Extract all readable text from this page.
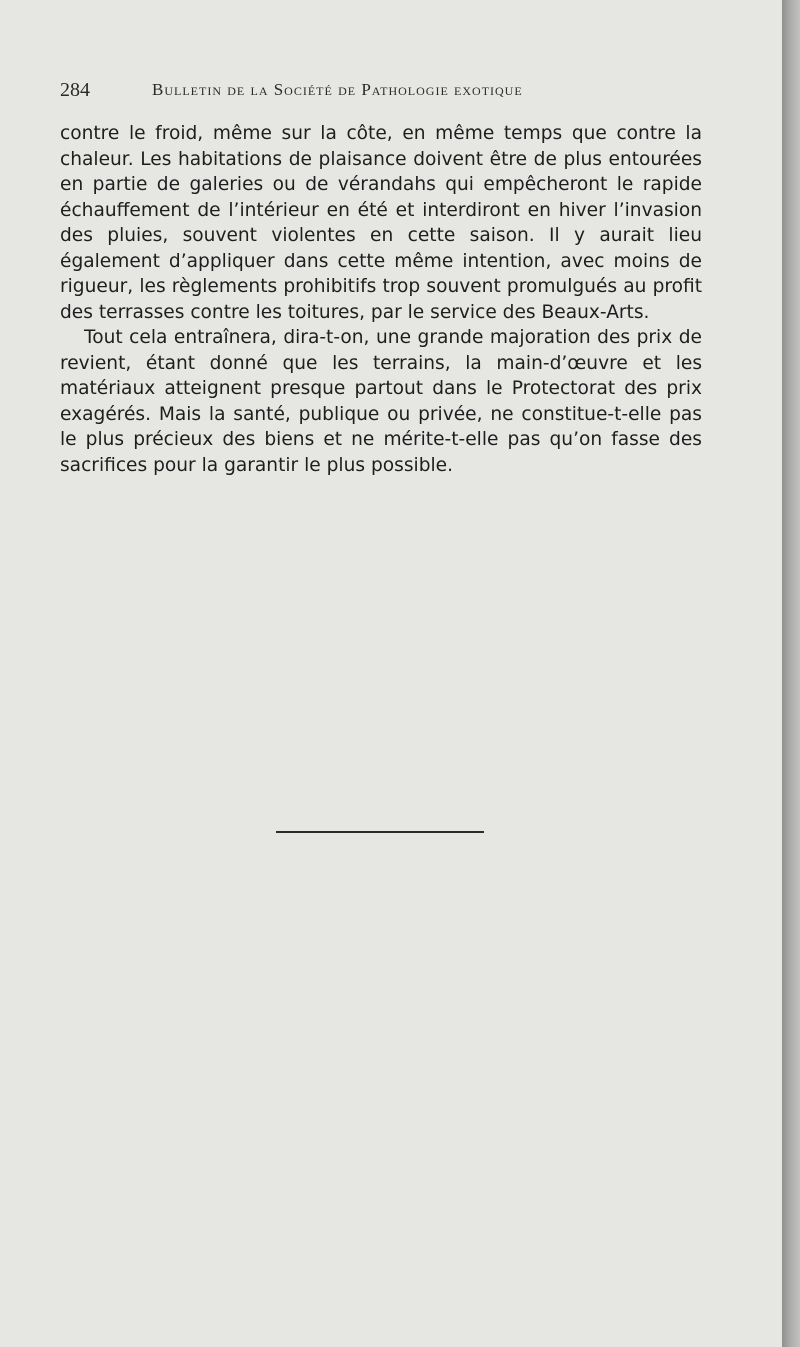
284	Bulletin de la Société de Pathologie exotique

contre le froid, même sur la côte, en même temps que contre la chaleur. Les habitations de plaisance doivent être de plus entourées en partie de galeries ou de vérandahs qui empêcheront le rapide échauffement de l’intérieur en été et interdiront en hiver l’invasion des pluies, souvent violentes en cette saison. Il y aurait lieu également d’appliquer dans cette même intention, avec moins de rigueur, les règlements prohibitifs trop souvent promulgués au profit des terrasses contre les toitures, par le service des Beaux-Arts.

Tout cela entraînera, dira-t-on, une grande majoration des prix de revient, étant donné que les terrains, la main-d’œuvre et les matériaux atteignent presque partout dans le Protectorat des prix exagérés. Mais la santé, publique ou privée, ne constitue-t-elle pas le plus précieux des biens et ne mérite-t-elle pas qu’on fasse des sacrifices pour la garantir le plus possible.
